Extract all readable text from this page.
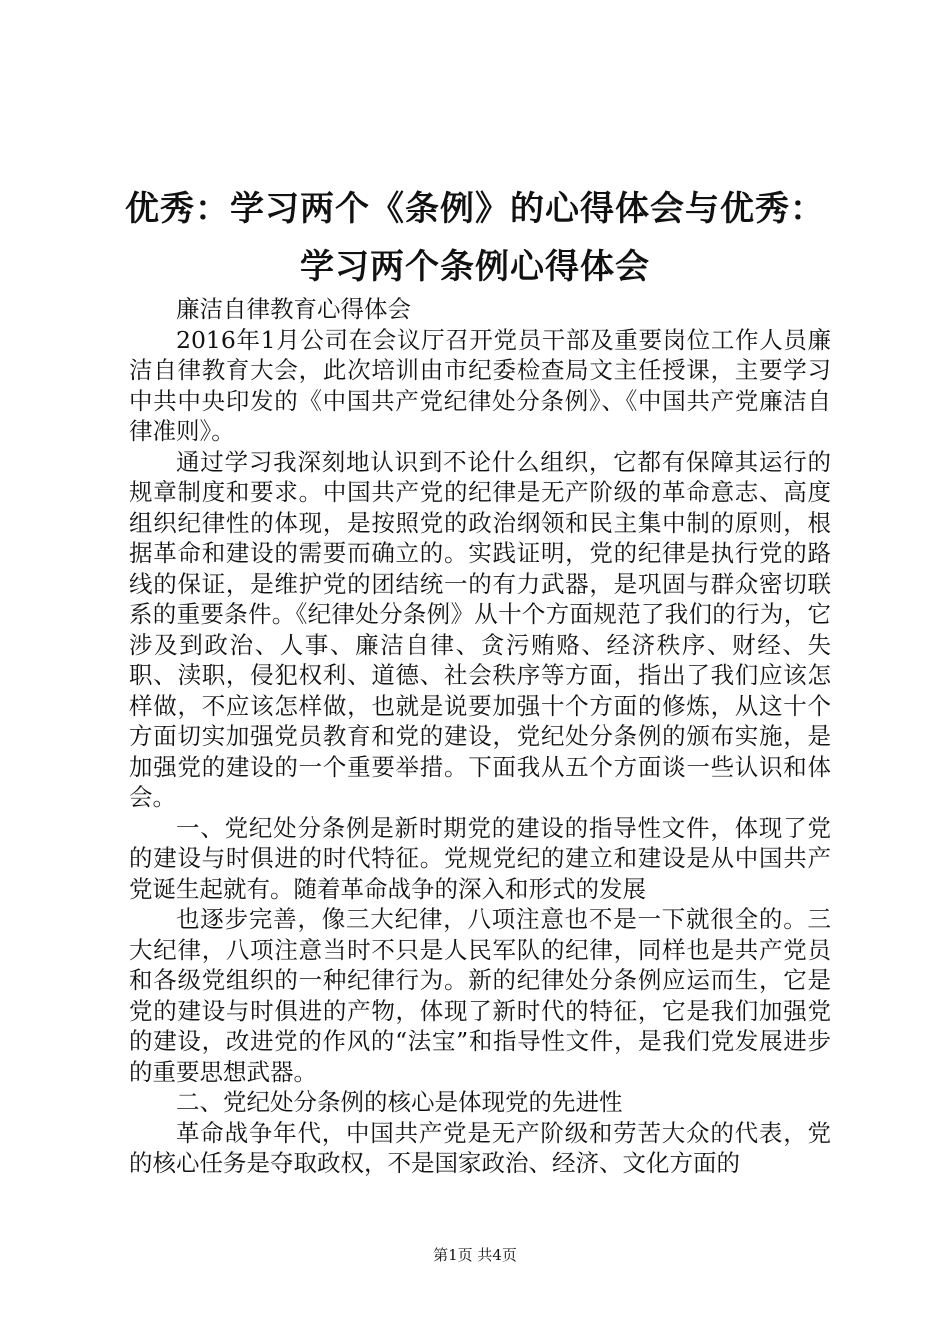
优秀：学习两个《条例》的心得体会与优秀：
学习两个条例心得体会

廉洁自律教育心得体会

2016年1月公司在会议厅召开党员干部及重要岗位工作人员廉洁自律教育大会，此次培训由市纪委检查局文主任授课，主要学习中共中央印发的《中国共产党纪律处分条例》、《中国共产党廉洁自律准则》。

通过学习我深刻地认识到不论什么组织，它都有保障其运行的规章制度和要求。中国共产党的纪律是无产阶级的革命意志、高度组织纪律性的体现，是按照党的政治纲领和民主集中制的原则，根据革命和建设的需要而确立的。实践证明，党的纪律是执行党的路线的保证，是维护党的团结统一的有力武器，是巩固与群众密切联系的重要条件。《纪律处分条例》从十个方面规范了我们的行为，它涉及到政治、人事、廉洁自律、贪污贿赂、经济秩序、财经、失职、渎职，侵犯权利、道德、社会秩序等方面，指出了我们应该怎样做，不应该怎样做，也就是说要加强十个方面的修炼，从这十个方面切实加强党员教育和党的建设，党纪处分条例的颁布实施，是加强党的建设的一个重要举措。下面我从五个方面谈一些认识和体会。

一、党纪处分条例是新时期党的建设的指导性文件，体现了党的建设与时俱进的时代特征。党规党纪的建立和建设是从中国共产党诞生起就有。随着革命战争的深入和形式的发展

也逐步完善，像三大纪律，八项注意也不是一下就很全的。三大纪律，八项注意当时不只是人民军队的纪律，同样也是共产党员和各级党组织的一种纪律行为。新的纪律处分条例应运而生，它是党的建设与时俱进的产物，体现了新时代的特征，它是我们加强党的建设，改进党的作风的“法宝”和指导性文件，是我们党发展进步的重要思想武器。

二、党纪处分条例的核心是体现党的先进性

革命战争年代，中国共产党是无产阶级和劳苦大众的代表，党的核心任务是夺取政权，不是国家政治、经济、文化方面的

第1页 共4页
